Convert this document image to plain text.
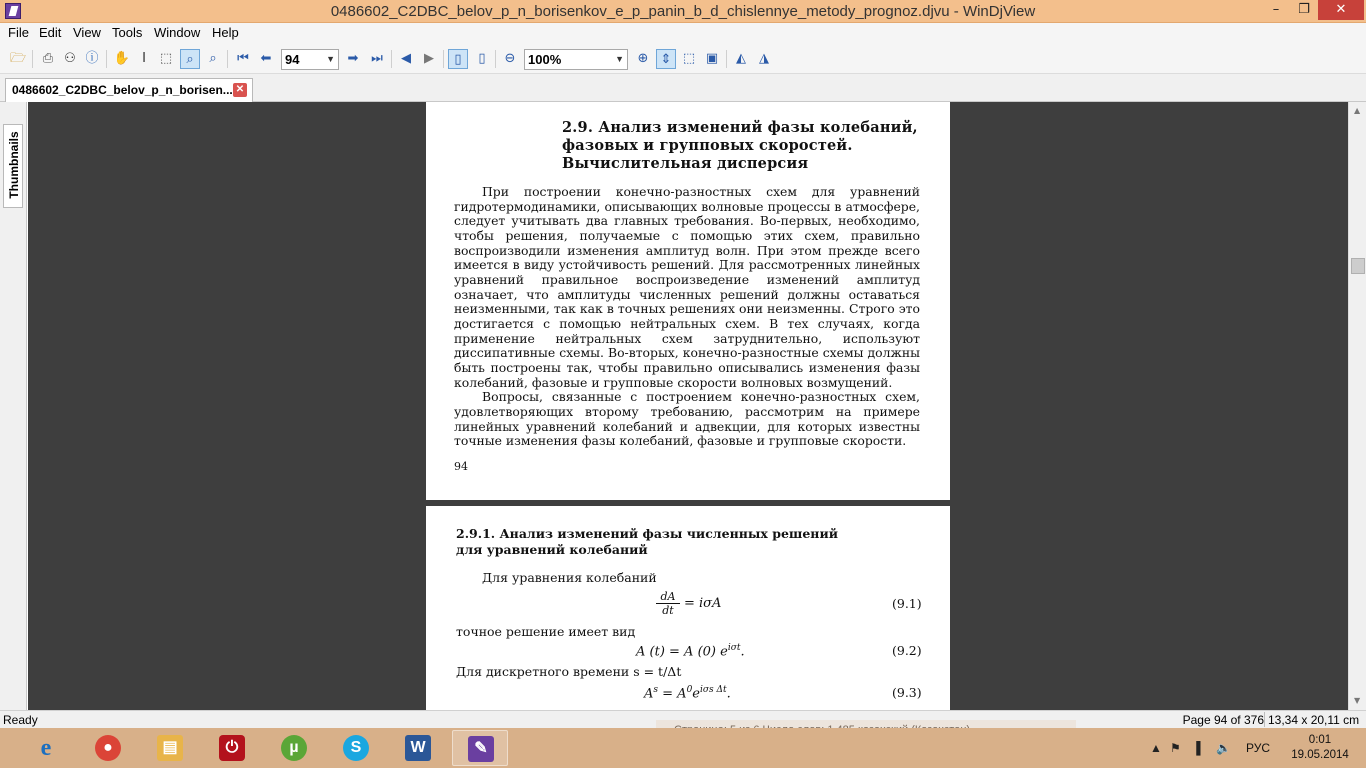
0486602_C2DBC_belov_p_n_borisenkov_e_p_panin_b_d_chislennye_metody_prognoz.djvu - WinDjView	–	❐	✕
File Edit View Tools Window Help
🗁	⎙ ⚇ ⓘ ✋ I	⬚	⌕	⌕	⏮ ⬅	94	▼ ➡ ⏭	◀	▶	▯	▯	⊖ 100%	▼	⊕ ⇕ ⬚ ▣	◭	◮
0486602_C2DBC_belov_p_n_borisen... ✕
Thumbnails
2.9. Анализ изменений фазы колебаний,
фазовых и групповых скоростей.
Вычислительная дисперсия

При построении конечно-разностных схем для уравнений гидротермодинамики, описывающих волновые процессы в атмосфере, следует учитывать два главных требования. Во-первых, необходимо, чтобы решения, получаемые с помощью этих схем, правильно воспроизводили изменения амплитуд волн. При этом прежде всего имеется в виду устойчивость решений. Для рассмотренных линейных уравнений правильное воспроизведение изменений амплитуд означает, что амплитуды численных решений должны оставаться неизменными, так как в точных решениях они неизменны. Строго это достигается с помощью нейтральных схем. В тех случаях, когда применение нейтральных схем затруднительно, используют диссипативные схемы. Во-вторых, конечно-разностные схемы должны быть построены так, чтобы правильно описывались изменения фазы колебаний, фазовые и групповые скорости волновых возмущений.

Вопросы, связанные с построением конечно-разностных схем, удовлетворяющих второму требованию, рассмотрим на примере линейных уравнений колебаний и адвекции, для которых известны точные изменения фазы колебаний, фазовые и групповые скорости.

94
2.9.1. Анализ изменений фазы численных решений
для уравнений колебаний
Для уравнения колебаний
$\frac{dA}{dt} = i\sigma A$	(9.1)
точное решение имеет вид
A (t) = A (0) $e^{i\sigma t}$.	(9.2)
Для дискретного времени s = t/Δt
$A^s = A^0e^{i\sigma s \Delta t}$.	(9.3)
▲
▼
Ready	Page 94 of 376 13,34 x 20,11 cm
e	●	▤	⏻	µ	S	W	✎	▲ ⚑ ▐ 🔈 РУС
0:01
19.05.2014
